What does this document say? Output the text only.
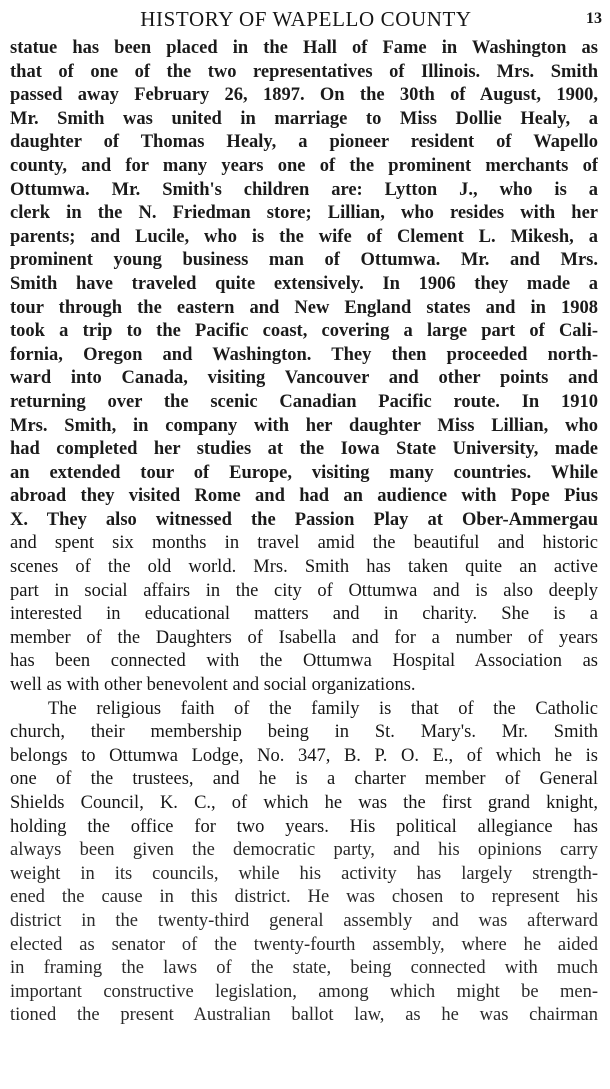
HISTORY OF WAPELLO COUNTY	13
statue has been placed in the Hall of Fame in Washington as
that of one of the two representatives of Illinois. Mrs. Smith
passed away February 26, 1897. On the 30th of August, 1900,
Mr. Smith was united in marriage to Miss Dollie Healy, a
daughter of Thomas Healy, a pioneer resident of Wapello
county, and for many years one of the prominent merchants of
Ottumwa. Mr. Smith's children are: Lytton J., who is a
clerk in the N. Friedman store; Lillian, who resides with her
parents; and Lucile, who is the wife of Clement L. Mikesh, a
prominent young business man of Ottumwa. Mr. and Mrs.
Smith have traveled quite extensively. In 1906 they made a
tour through the eastern and New England states and in 1908
took a trip to the Pacific coast, covering a large part of Cali-
fornia, Oregon and Washington. They then proceeded north-
ward into Canada, visiting Vancouver and other points and
returning over the scenic Canadian Pacific route. In 1910
Mrs. Smith, in company with her daughter Miss Lillian, who
had completed her studies at the Iowa State University, made
an extended tour of Europe, visiting many countries. While
abroad they visited Rome and had an audience with Pope Pius
X. They also witnessed the Passion Play at Ober-Ammergau
and spent six months in travel amid the beautiful and historic
scenes of the old world. Mrs. Smith has taken quite an active
part in social affairs in the city of Ottumwa and is also deeply
interested in educational matters and in charity. She is a
member of the Daughters of Isabella and for a number of years
has been connected with the Ottumwa Hospital Association as
well as with other benevolent and social organizations.
The religious faith of the family is that of the Catholic
church, their membership being in St. Mary's. Mr. Smith
belongs to Ottumwa Lodge, No. 347, B. P. O. E., of which he is
one of the trustees, and he is a charter member of General
Shields Council, K. C., of which he was the first grand knight,
holding the office for two years. His political allegiance has
always been given the democratic party, and his opinions carry
weight in its councils, while his activity has largely strength-
ened the cause in this district. He was chosen to represent his
district in the twenty-third general assembly and was afterward
elected as senator of the twenty-fourth assembly, where he aided
in framing the laws of the state, being connected with much
important constructive legislation, among which might be men-
tioned the present Australian ballot law, as he was chairman
